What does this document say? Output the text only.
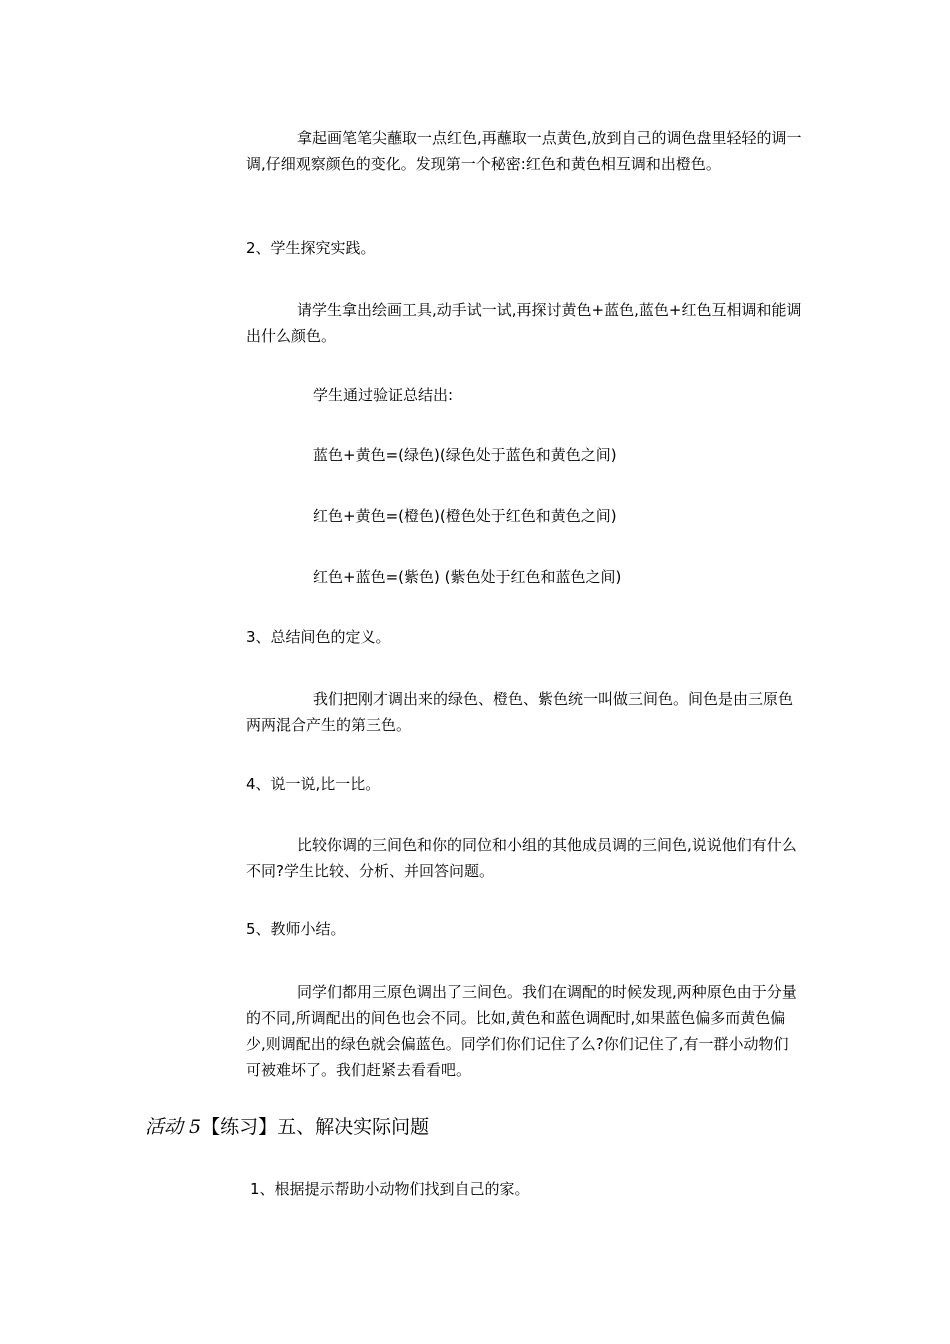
拿起画笔笔尖蘸取一点红色,再蘸取一点黄色,放到自己的调色盘里轻轻的调一调,仔细观察颜色的变化。发现第一个秘密:红色和黄色相互调和出橙色。
2、学生探究实践。
请学生拿出绘画工具,动手试一试,再探讨黄色+蓝色,蓝色+红色互相调和能调出什么颜色。
学生通过验证总结出:
蓝色+黄色=(绿色)(绿色处于蓝色和黄色之间)
红色+黄色=(橙色)(橙色处于红色和黄色之间)
红色+蓝色=(紫色) (紫色处于红色和蓝色之间)
3、总结间色的定义。
我们把刚才调出来的绿色、橙色、紫色统一叫做三间色。间色是由三原色两两混合产生的第三色。
4、说一说,比一比。
比较你调的三间色和你的同位和小组的其他成员调的三间色,说说他们有什么不同?学生比较、分析、并回答问题。
5、教师小结。
同学们都用三原色调出了三间色。我们在调配的时候发现,两种原色由于分量的不同,所调配出的间色也会不同。比如,黄色和蓝色调配时,如果蓝色偏多而黄色偏少,则调配出的绿色就会偏蓝色。同学们你们记住了么?你们记住了,有一群小动物们可被难坏了。我们赶紧去看看吧。
活动 5【练习】五、解决实际问题
1、根据提示帮助小动物们找到自己的家。
